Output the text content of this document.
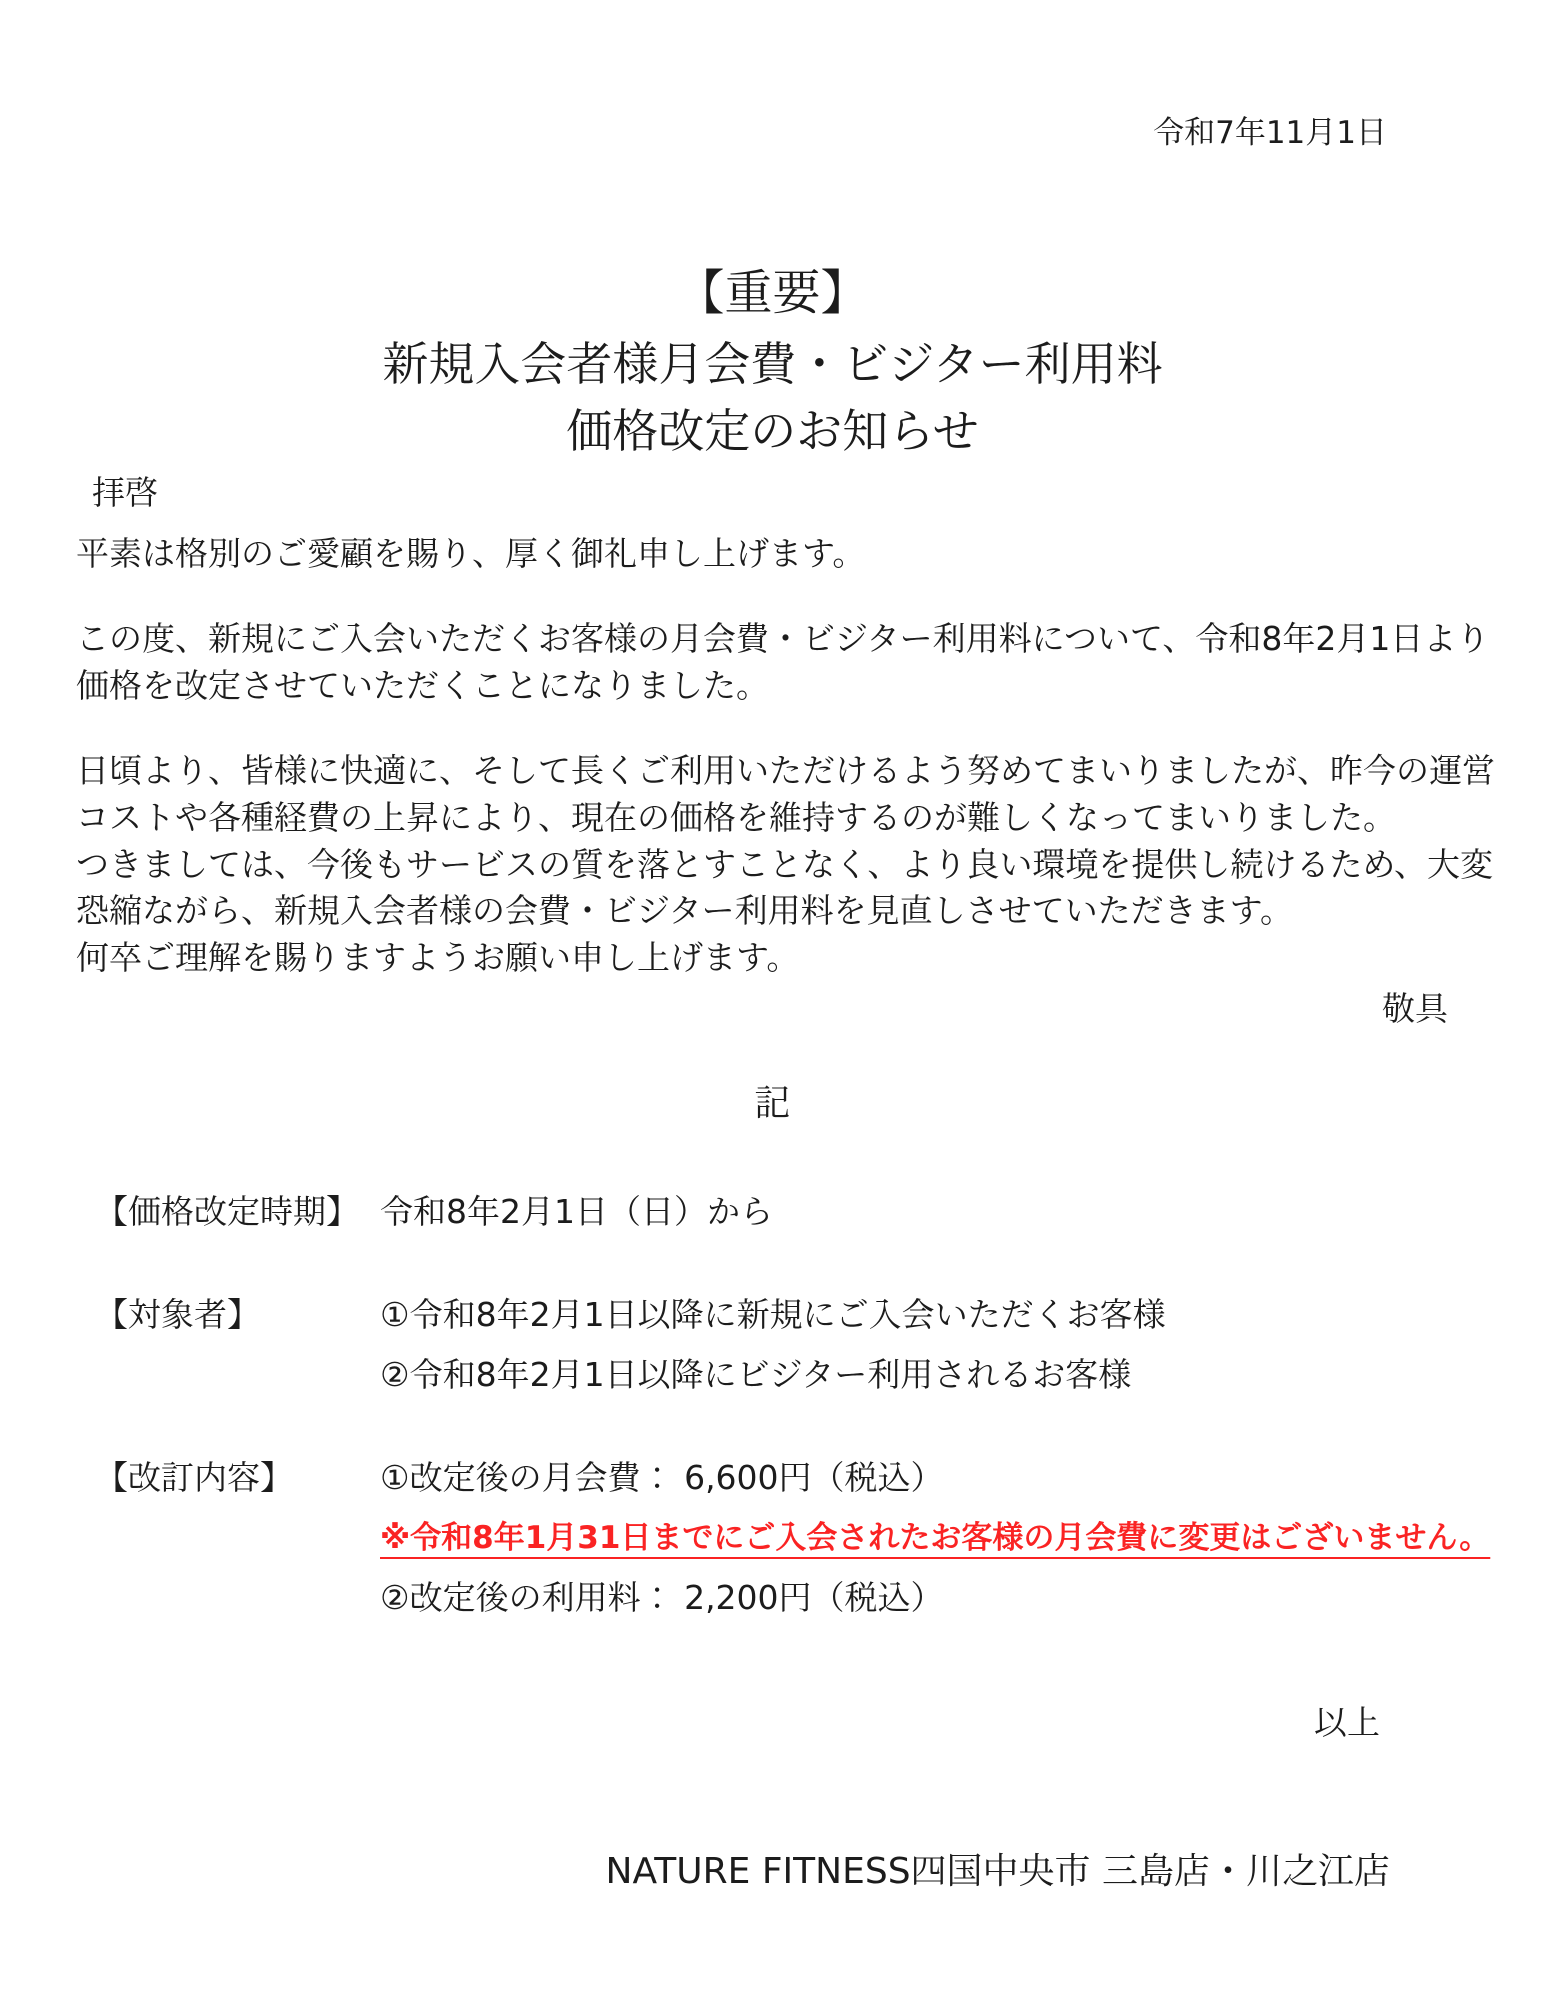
令和7年11月1日

【重要】

新規入会者様月会費・ビジター利用料

価格改定のお知らせ

拝啓

平素は格別のご愛顧を賜り、厚く御礼申し上げます。

この度、新規にご入会いただくお客様の月会費・ビジター利用料について、令和8年2月1日より価格を改定させていただくことになりました。

日頃より、皆様に快適に、そして長くご利用いただけるよう努めてまいりましたが、昨今の運営コストや各種経費の上昇により、現在の価格を維持するのが難しくなってまいりました。

つきましては、今後もサービスの質を落とすことなく、より良い環境を提供し続けるため、大変恐縮ながら、新規入会者様の会費・ビジター利用料を見直しさせていただきます。

何卒ご理解を賜りますようお願い申し上げます。

敬具
記
【価格改定時期】 令和8年2月1日（日）から

【対象者】	①令和8年2月1日以降に新規にご入会いただくお客様

②令和8年2月1日以降にビジター利用されるお客様

【改訂内容】	①改定後の月会費： 6,600円（税込）

※令和8年1月31日までにご入会されたお客様の月会費に変更はございません。

②改定後の利用料： 2,200円（税込）

以上
NATURE FITNESS四国中央市 三島店・川之江店
